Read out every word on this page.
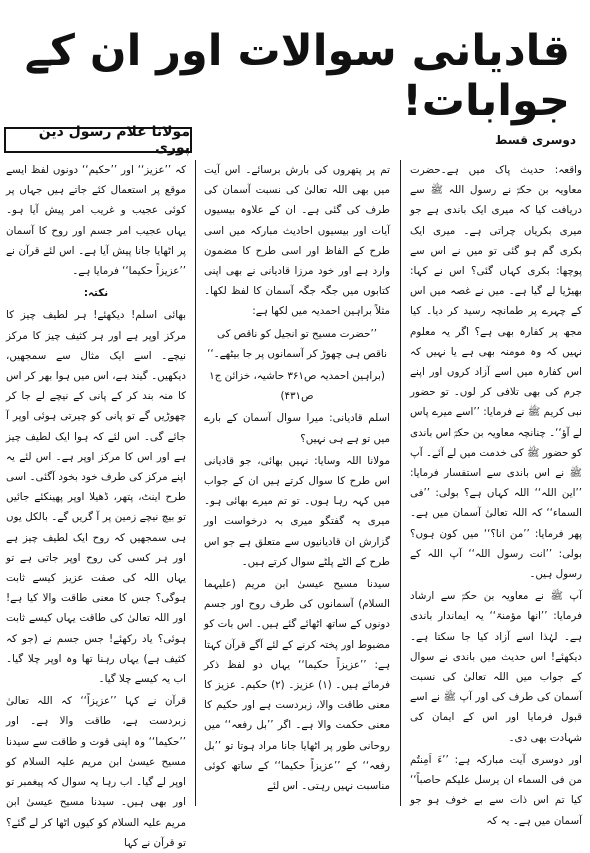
قادیانی سوالات اور ان کے جوابات!
مولانا غلام رسول دین پوری	دوسری قسط

واقعہ: حدیث پاک میں ہے۔حضرت معاویہ بن حکمؓ نے رسول اللہ ﷺ سے دریافت کیا کہ میری ایک باندی ہے جو میری بکریاں چراتی ہے۔ میری ایک بکری گم ہو گئی تو میں نے اس سے پوچھا: بکری کہاں گئی؟ اس نے کہا: بھیڑیا لے گیا ہے۔ میں نے غصہ میں اس کے چہرے پر طمانچہ رسید کر دیا۔ کیا مجھ پر کفارہ بھی ہے؟ اگر یہ معلوم نہیں کہ وہ مومنہ بھی ہے یا نہیں کہ اس کفارہ میں اسے آزاد کروں اور اپنے جرم کی بھی تلافی کر لوں۔ تو حضور نبی کریم ﷺ نے فرمایا: ’’اسے میرے پاس لے آؤ‘‘۔ چنانچہ معاویہ بن حکمؓ اس باندی کو حضور ﷺ کی خدمت میں لے آئے۔ آپ ﷺ نے اس باندی سے استفسار فرمایا: ’’این اللہ‘‘ اللہ کہاں ہے؟ بولی: ’’فی السماء‘‘ کہ اللہ تعالیٰ آسمان میں ہے۔ پھر فرمایا: ’’من انا؟‘‘ میں کون ہوں؟ بولی: ’’انت رسول اللہ‘‘ آپ اللہ کے رسول ہیں۔

آپ ﷺ نے معاویہ بن حکمؓ سے ارشاد فرمایا: ’’انھا مؤمنۃ‘‘ یہ ایماندار باندی ہے۔ لہٰذا اسے آزاد کیا جا سکتا ہے۔ دیکھئے! اس حدیث میں باندی نے سوال کے جواب میں اللہ تعالیٰ کی نسبت آسمان کی طرف کی اور آپ ﷺ نے اسے قبول فرمایا اور اس کے ایمان کی شہادت بھی دی۔

اور دوسری آیت مبارکہ ہے: ’’ءَ اَمِنتُم من فی السماء ان یرسل علیکم حاصباً‘‘ کیا تم اس ذات سے بے خوف ہو جو آسمان میں ہے۔ یہ کہ

تم پر پتھروں کی بارش برسائے۔ اس آیت میں بھی اللہ تعالیٰ کی نسبت آسمان کی طرف کی گئی ہے۔ ان کے علاوہ بیسیوں آیات اور بیسیوں احادیث مبارکہ میں اسی طرح کے الفاظ اور اسی طرح کا مضمون وارد ہے اور خود مرزا قادیانی نے بھی اپنی کتابوں میں جگہ جگہ آسمان کا لفظ لکھا۔ مثلاً براہین احمدیہ میں لکھا ہے:

’’حضرت مسیح تو انجیل کو ناقص کی ناقص ہی چھوڑ کر آسمانوں پر جا بیٹھے۔‘‘

(براہین احمدیہ ص۳۶۱ حاشیہ، خزائن ج۱ ص۴۳۱)

اسلم قادیانی: میرا سوال آسمان کے بارے میں تو ہے ہی نہیں؟

مولانا اللہ وسایا: نہیں بھائی، جو قادیانی اس طرح کا سوال کرتے ہیں ان کے جواب میں کہہ رہا ہوں۔ تو تم میرے بھائی ہو۔ میری یہ گفتگو میری بہ درخواست اور گزارش ان قادیانیوں سے متعلق ہے جو اس طرح کے الٹے پلٹے سوال کرتے ہیں۔

سیدنا مسیح عیسیٰ ابن مریم (علیہما السلام) آسمانوں کی طرف روح اور جسم دونوں کے ساتھ اٹھائے گئے ہیں۔ اس بات کو مضبوط اور پختہ کرنے کے لئے آگے قرآن کہتا ہے: ’’عزیزاً حکیما‘‘ یہاں دو لفظ ذکر فرمائے ہیں۔ (۱) عزیز۔ (۲) حکیم۔ عزیز کا معنی طاقت والا، زبردست ہے اور حکیم کا معنی حکمت والا ہے۔ اگر ’’بل رفعہ‘‘ میں روحانی طور پر اٹھایا جانا مراد ہوتا تو ’’بل رفعہ‘‘ کے ’’عزیزاً حکیما‘‘ کے ساتھ کوئی مناسبت نہیں رہتی۔ اس لئے

کہ ’’عزیز‘‘ اور ’’حکیم‘‘ دونوں لفظ ایسے موقع پر استعمال کئے جاتے ہیں جہاں پر کوئی عجیب و غریب امر پیش آیا ہو۔ یہاں عجیب امر جسم اور روح کا آسمان پر اٹھایا جانا پیش آیا ہے۔ اس لئے قرآن نے ’’عزیزاً حکیما‘‘ فرمایا ہے۔

نکتہ:

بھائی اسلم! دیکھئے! ہر لطیف چیز کا مرکز اوپر ہے اور ہر کثیف چیز کا مرکز نیچے۔ اسے ایک مثال سے سمجھیں، دیکھیں۔ گیند ہے، اس میں ہوا بھر کر اس کا منہ بند کر کے پانی کے نیچے لے جا کر چھوڑیں گے تو پانی کو چیرتی ہوئی اوپر آ جائے گی۔ اس لئے کہ ہوا ایک لطیف چیز ہے اور اس کا مرکز اوپر ہے۔ اس لئے یہ اپنے مرکز کی طرف خود بخود آگئی۔ اسی طرح اینٹ، پتھر، ڈھیلا اوپر پھینکئے جائیں تو بیچ نیچے زمین پر آ گریں گے۔ بالکل یوں ہی سمجھیں کہ روح ایک لطیف چیز ہے اور ہر کسی کی روح اوپر جاتی ہے تو یہاں اللہ کی صفت عزیز کیسے ثابت ہوگی؟ جس کا معنی طاقت والا کیا ہے! اور اللہ تعالیٰ کی طاقت یہاں کیسے ثابت ہوئی؟ یاد رکھئے! جس جسم نے (جو کہ کثیف ہے) یہاں رہنا تھا وہ اوپر چلا گیا۔ اب یہ کیسے چلا گیا۔

قرآن نے کہا ’’عزیزاً‘‘ کہ اللہ تعالیٰ زبردست ہے، طاقت والا ہے۔ اور ’’حکیما‘‘ وہ اپنی قوت و طاقت سے سیدنا مسیح عیسیٰ ابن مریم علیہ السلام کو اوپر لے گیا۔ اب رہا یہ سوال کہ پیغمبر تو اور بھی ہیں۔ سیدنا مسیح عیسیٰ ابن مریم علیہ السلام کو کیوں اٹھا کر لے گئے؟ تو قرآن نے کہا
